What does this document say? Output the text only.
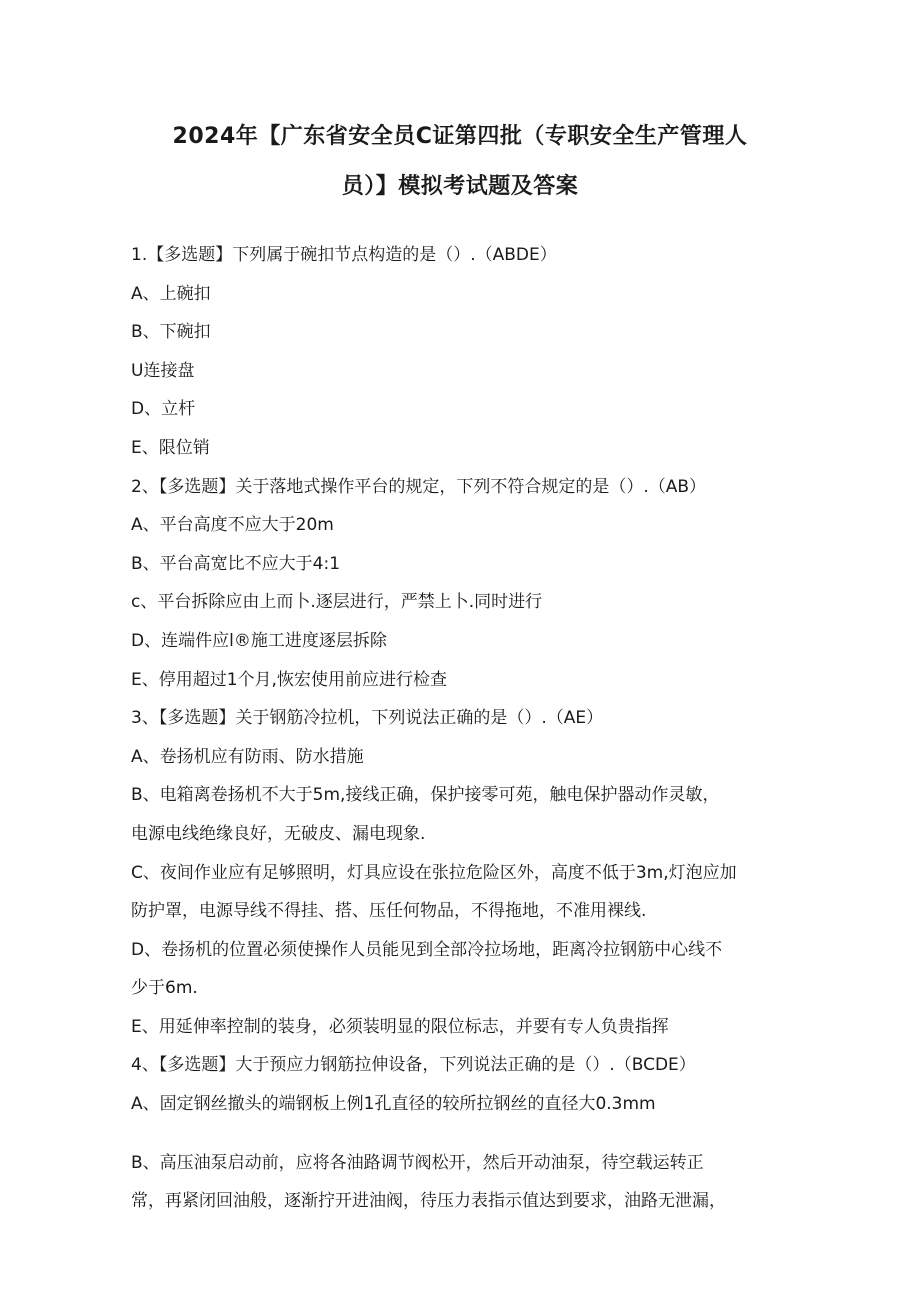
2024年【广东省安全员C证第四批（专职安全生产管理人
员）】模拟考试题及答案
1.【多选题】下列属于碗扣节点构造的是（）.（ABDE）
A、上碗扣
B、下碗扣
U连接盘
D、立杆
E、限位销
2、【多选题】关于落地式操作平台的规定，下列不符合规定的是（）.（AB）
A、平台高度不应大于20m
B、平台高宽比不应大于4:1
c、平台拆除应由上而卜.逐层进行，严禁上卜.同时进行
D、连端件应l®施工进度逐层拆除
E、停用超过1个月,恢宏使用前应进行检查
3、【多选题】关于钢筋冷拉机，下列说法正确的是（）.（AE）
A、卷扬机应有防雨、防水措施
B、电箱离卷扬机不大于5m,接线正确，保护接零可苑，触电保护器动作灵敏，
电源电线绝缘良好，无破皮、漏电现象.
C、夜间作业应有足够照明，灯具应设在张拉危险区外，高度不低于3m,灯泡应加
防护罩，电源导线不得挂、搭、压任何物品，不得拖地，不准用裸线.
D、卷扬机的位置必须使操作人员能见到全部冷拉场地，距离冷拉钢筋中心线不
少于6m.
E、用延伸率控制的装身，必须装明显的限位标志，并要有专人负贵指挥
4、【多选题】大于预应力钢筋拉伸设备，下列说法正确的是（）.（BCDE）
A、固定钢丝撤头的端钢板上例1孔直径的较所拉钢丝的直径大0.3mm
B、高压油泵启动前，应将各油路调节阀松开，然后开动油泵，待空载运转正
常，再紧闭回油般，逐渐拧开进油阀，待压力表指示值达到要求，油路无泄漏，
